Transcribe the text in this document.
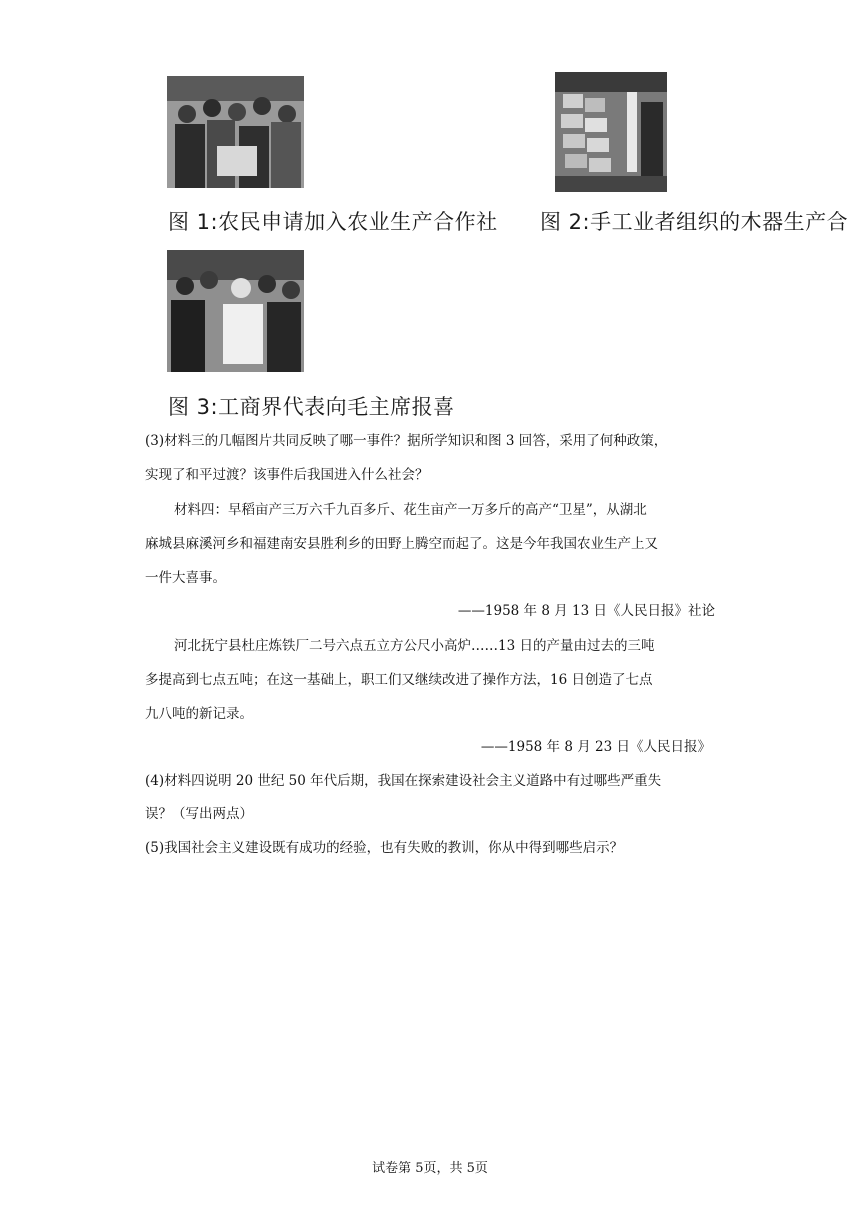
图 1:农民申请加入农业生产合作社 图 2:手工业者组织的木器生产合
图 3:工商界代表向毛主席报喜
(3)材料三的几幅图片共同反映了哪一事件？据所学知识和图 3 回答，采用了何种政策，
实现了和平过渡？该事件后我国进入什么社会？
材料四：早稻亩产三万六千九百多斤、花生亩产一万多斤的高产“卫星”，从湖北
麻城县麻溪河乡和福建南安县胜利乡的田野上腾空而起了。这是今年我国农业生产上又
一件大喜事。
——1958 年 8 月 13 日《人民日报》社论
河北抚宁县杜庄炼铁厂二号六点五立方公尺小高炉……13 日的产量由过去的三吨
多提高到七点五吨；在这一基础上，职工们又继续改进了操作方法，16 日创造了七点
九八吨的新记录。
——1958 年 8 月 23 日《人民日报》
(4)材料四说明 20 世纪 50 年代后期，我国在探索建设社会主义道路中有过哪些严重失
误？（写出两点）
(5)我国社会主义建设既有成功的经验，也有失败的教训，你从中得到哪些启示？
试卷第 5页，共 5页
